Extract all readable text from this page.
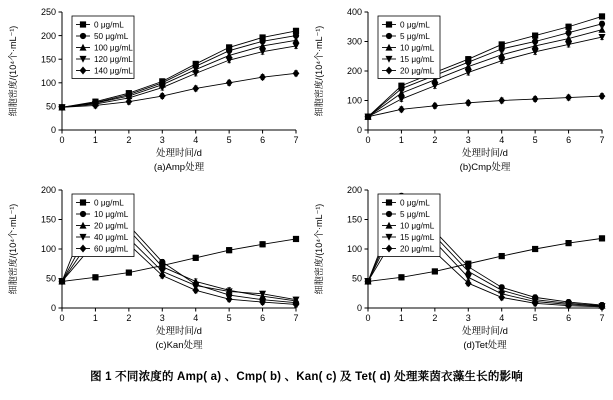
0	1	2	3	4	5	6	7
0
50
100
150
200
250
0 μg/mL
50 μg/mL
100 μg/mL
120 μg/mL
140 μg/mL
处理时间/d
细胞密度/(10⁴个·mL⁻¹)
(a)Amp处理
0	1	2	3	4	5	6	7
0
100
200
300
400
0 μg/mL
5 μg/mL
10 μg/mL
15 μg/mL
20 μg/mL
处理时间/d
细胞密度/(10⁴个·mL⁻¹)
(b)Cmp处理
0	1	2	3	4	5	6	7
0
50
100
150
200
0 μg/mL
10 μg/mL
20 μg/mL
40 μg/mL
60 μg/mL
处理时间/d
细胞密度/(10⁴个·mL⁻¹)
(c)Kan处理
0	1	2	3	4	5	6	7
0
50
100
150
200
0 μg/mL
5 μg/mL
10 μg/mL
15 μg/mL
20 μg/mL
处理时间/d
细胞密度/(10⁴个·mL⁻¹)
(d)Tet处理
图 1 不同浓度的 Amp( a) 、Cmp( b) 、Kan( c) 及 Tet( d) 处理莱茵衣藻生长的影响
